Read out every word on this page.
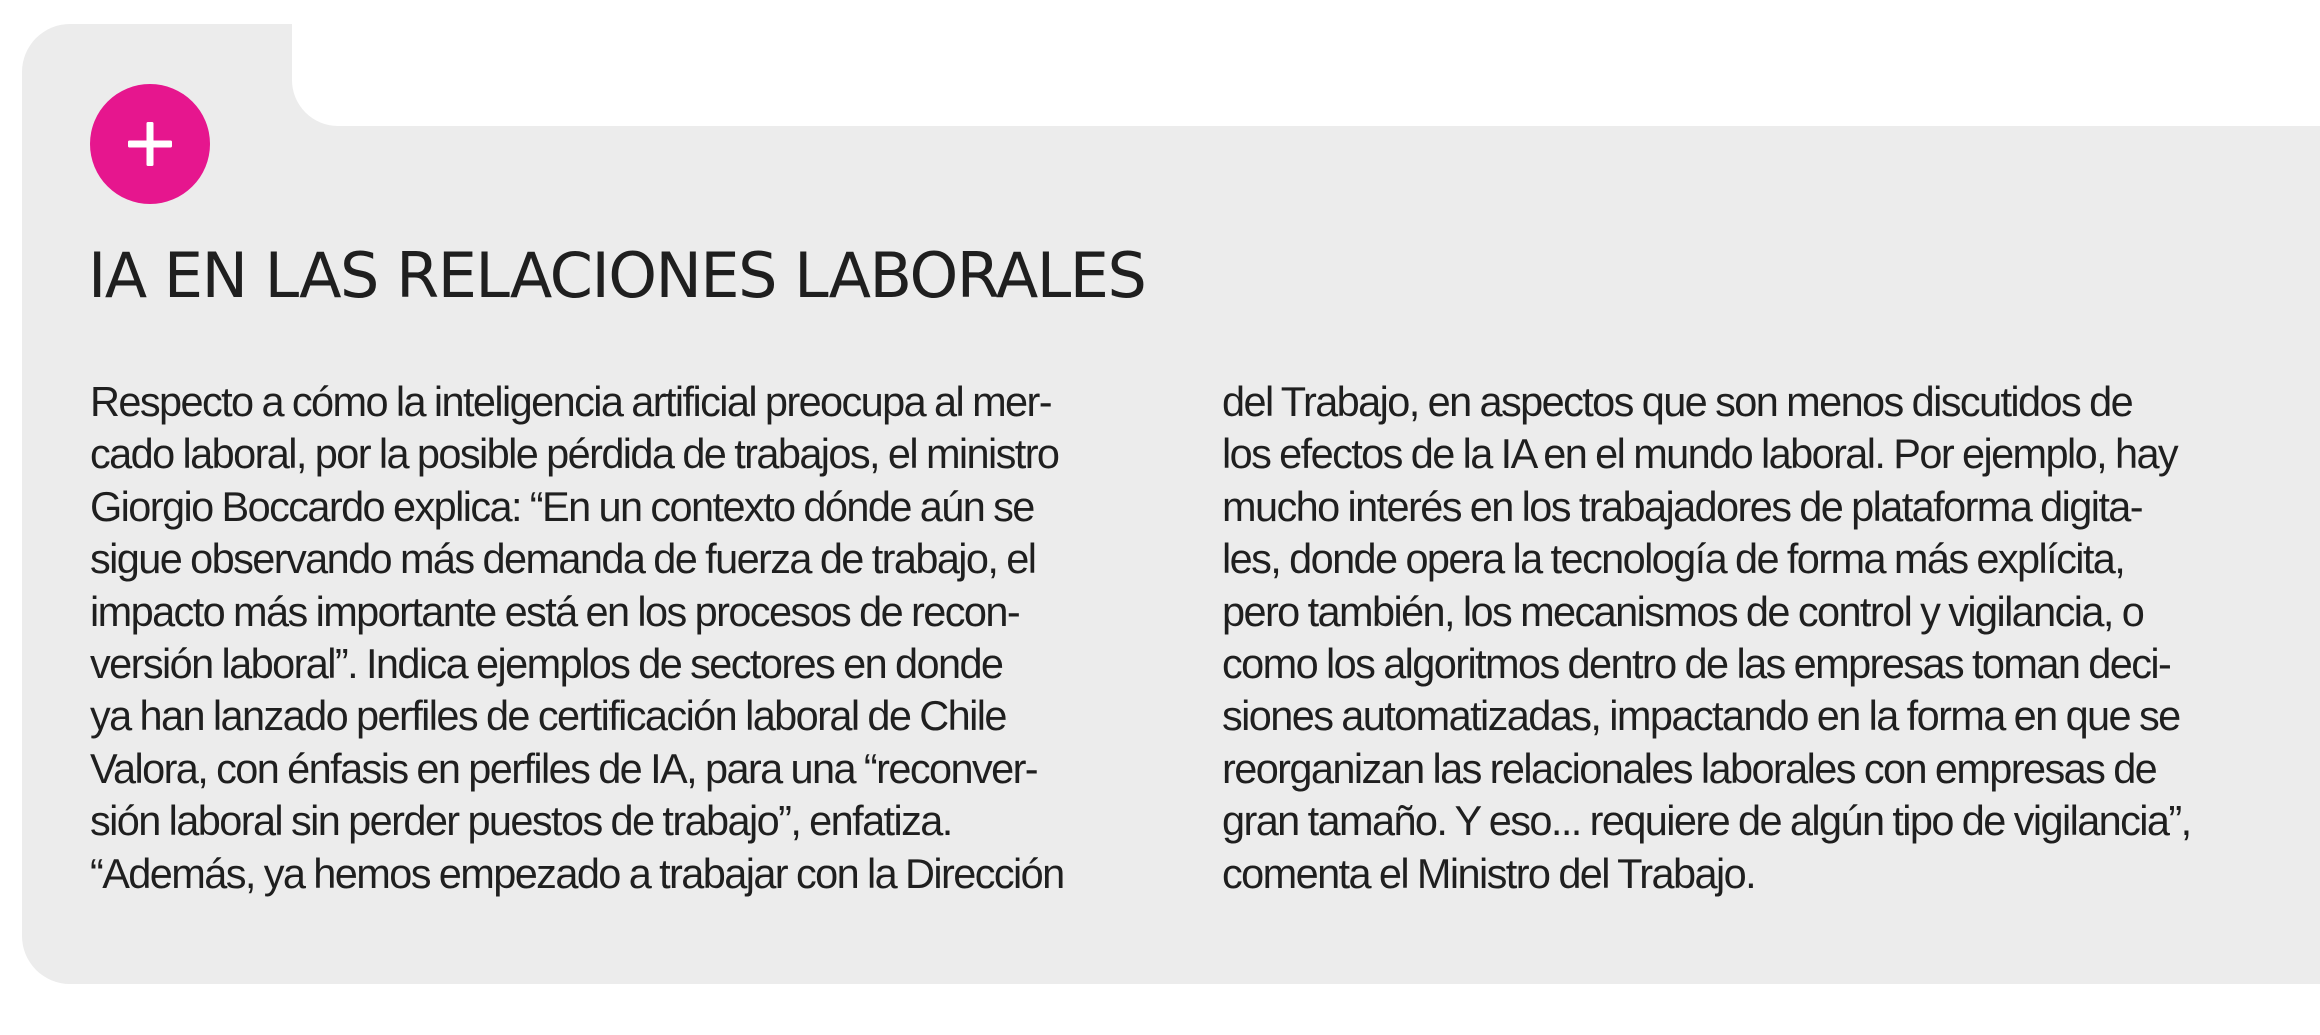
IA EN LAS RELACIONES LABORALES
Respecto a cómo la inteligencia artificial preocupa al mer-
cado laboral, por la posible pérdida de trabajos, el ministro
Giorgio Boccardo explica: “En un contexto dónde aún se
sigue observando más demanda de fuerza de trabajo, el
impacto más importante está en los procesos de recon-
versión laboral”. Indica ejemplos de sectores en donde
ya han lanzado perfiles de certificación laboral de Chile
Valora, con énfasis en perfiles de IA, para una “reconver-
sión laboral sin perder puestos de trabajo”, enfatiza.
“Además, ya hemos empezado a trabajar con la Dirección
del Trabajo, en aspectos que son menos discutidos de
los efectos de la IA en el mundo laboral. Por ejemplo, hay
mucho interés en los trabajadores de plataforma digita-
les, donde opera la tecnología de forma más explícita,
pero también, los mecanismos de control y vigilancia, o
como los algoritmos dentro de las empresas toman deci-
siones automatizadas, impactando en la forma en que se
reorganizan las relacionales laborales con empresas de
gran tamaño. Y eso... requiere de algún tipo de vigilancia”,
comenta el Ministro del Trabajo.
